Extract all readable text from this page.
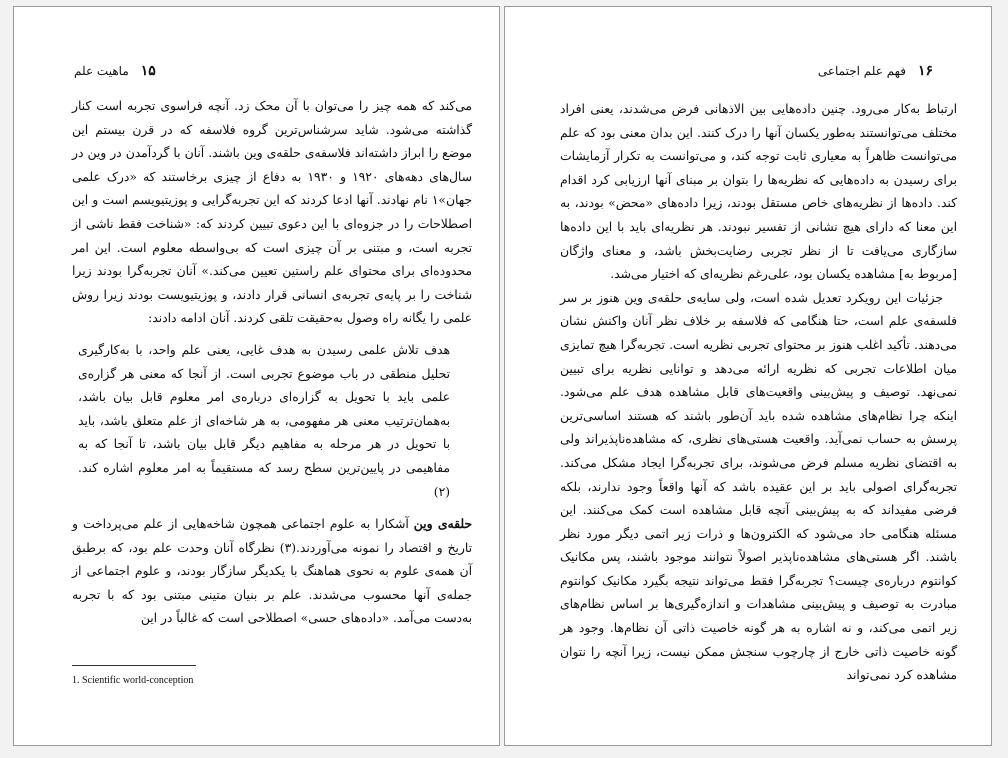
۱۵
ماهیت علم

می‌کند که همه چیز را می‌توان با آن محک زد. آنچه فراسوی تجربه است کنار گذاشته می‌شود. شاید سرشناس‌ترین گروه فلاسفه که در قرن بیستم این موضع را ابراز داشته‌اند فلاسفه‌ی حلقه‌ی وین باشند. آنان با گردآمدن در وین در سال‌های دهه‌های ۱۹۲۰ و ۱۹۳۰ به دفاع از چیزی برخاستند که «درک علمی جهان»۱ نام نهادند. آنها ادعا کردند که این تجربه‌گرایی و پوزیتیویسم است و این اصطلاحات را در جزوه‌ای با این دعوی تبیین کردند که: «شناخت فقط ناشی از تجربه است، و مبتنی بر آن چیزی است که بی‌واسطه معلوم است. این امر محدوده‌ای برای محتوای علم راستین تعیین می‌کند.» آنان تجربه‌گرا بودند زیرا شناخت را بر پایه‌ی تجربه‌ی انسانی قرار دادند، و پوزیتیویست بودند زیرا روش علمی را یگانه راه وصول به‌حقیقت تلقی کردند. آنان ادامه دادند:

هدف تلاش علمی رسیدن به هدف غایی، یعنی علم واحد، با به‌کارگیری تحلیل منطقی در باب موضوع تجربی است. از آنجا که معنی هر گزاره‌ی علمی باید با تحویل به گزاره‌ای درباره‌ی امر معلوم قابل بیان باشد، به‌همان‌ترتیب معنی هر مفهومی، به هر شاخه‌ای از علم متعلق باشد، باید با تحویل در هر مرحله به مفاهیم دیگر قابل بیان باشد، تا آنجا که به مفاهیمی در پایین‌ترین سطح رسد که مستقیماً به امر معلوم اشاره کند.(۲)

حلقه‌ی وین آشکارا به علوم اجتماعی همچون شاخه‌هایی از علم می‌پرداخت و تاریخ و اقتصاد را نمونه می‌آوردند.(۳) نظرگاه آنان وحدت علم بود، که برطبق آن همه‌ی علوم به نحوی هماهنگ با یکدیگر سازگار بودند، و علوم اجتماعی از جمله‌ی آنها محسوب می‌شدند. علم بر بنیان متینی مبتنی بود که با تجربه به‌دست می‌آمد. «داده‌های حسی» اصطلاحی است که غالباً در این

1. Scientific world-conception
۱۶
فهم علم اجتماعی

ارتباط به‌کار می‌رود. چنین داده‌هایی بین الاذهانی فرض می‌شدند، یعنی افراد مختلف می‌توانستند به‌طور یکسان آنها را درک کنند. این بدان معنی بود که علم می‌توانست ظاهراً به معیاری ثابت توجه کند، و می‌توانست به تکرار آزمایشات برای رسیدن به داده‌هایی که نظریه‌ها را بتوان بر مبنای آنها ارزیابی کرد اقدام کند. داده‌ها از نظریه‌های خاص مستقل بودند، زیرا داده‌های «محض» بودند، به این معنا که دارای هیچ نشانی از تفسیر نبودند. هر نظریه‌ای باید با این داده‌ها سازگاری می‌یافت تا از نظر تجربی رضایت‌بخش باشد، و معنای واژگان [مربوط به] مشاهده یکسان بود، علی‌رغم نظریه‌ای که اختیار می‌شد.

جزئیات این رویکرد تعدیل شده است، ولی سایه‌ی حلقه‌ی وین هنوز بر سر فلسفه‌ی علم است، حتا هنگامی که فلاسفه بر خلاف نظر آنان واکنش نشان می‌دهند. تأکید اغلب هنوز بر محتوای تجربی نظریه است. تجربه‌گرا هیچ تمایزی میان اطلاعات تجربی که نظریه ارائه می‌دهد و توانایی نظریه برای تبیین نمی‌نهد. توصیف و پیش‌بینی واقعیت‌های قابل مشاهده هدف علم می‌شود. اینکه چرا نظام‌های مشاهده شده باید آن‌طور باشند که هستند اساسی‌ترین پرسش به حساب نمی‌آید. واقعیت هستی‌های نظری، که مشاهده‌ناپذیراند ولی به اقتضای نظریه مسلم فرض می‌شوند، برای تجربه‌گرا ایجاد مشکل می‌کند. تجربه‌گرای اصولی باید بر این عقیده باشد که آنها واقعاً وجود ندارند، بلکه فرضی مفیداند که به پیش‌بینی آنچه قابل مشاهده است کمک می‌کنند. این مسئله هنگامی حاد می‌شود که الکترون‌ها و ذرات زیر اتمی دیگر مورد نظر باشند. اگر هستی‌های مشاهده‌ناپذیر اصولاً نتوانند موجود باشند، پس مکانیک کوانتوم درباره‌ی چیست؟ تجربه‌گرا فقط می‌تواند نتیجه بگیرد مکانیک کوانتوم مبادرت به توصیف و پیش‌بینی مشاهدات و اندازه‌گیری‌ها بر اساس نظام‌های زیر اتمی می‌کند، و نه اشاره به هر گونه خاصیت ذاتی آن نظام‌ها. وجود هر گونه خاصیت ذاتی خارج از چارچوب سنجش ممکن نیست، زیرا آنچه را نتوان مشاهده کرد نمی‌تواند
